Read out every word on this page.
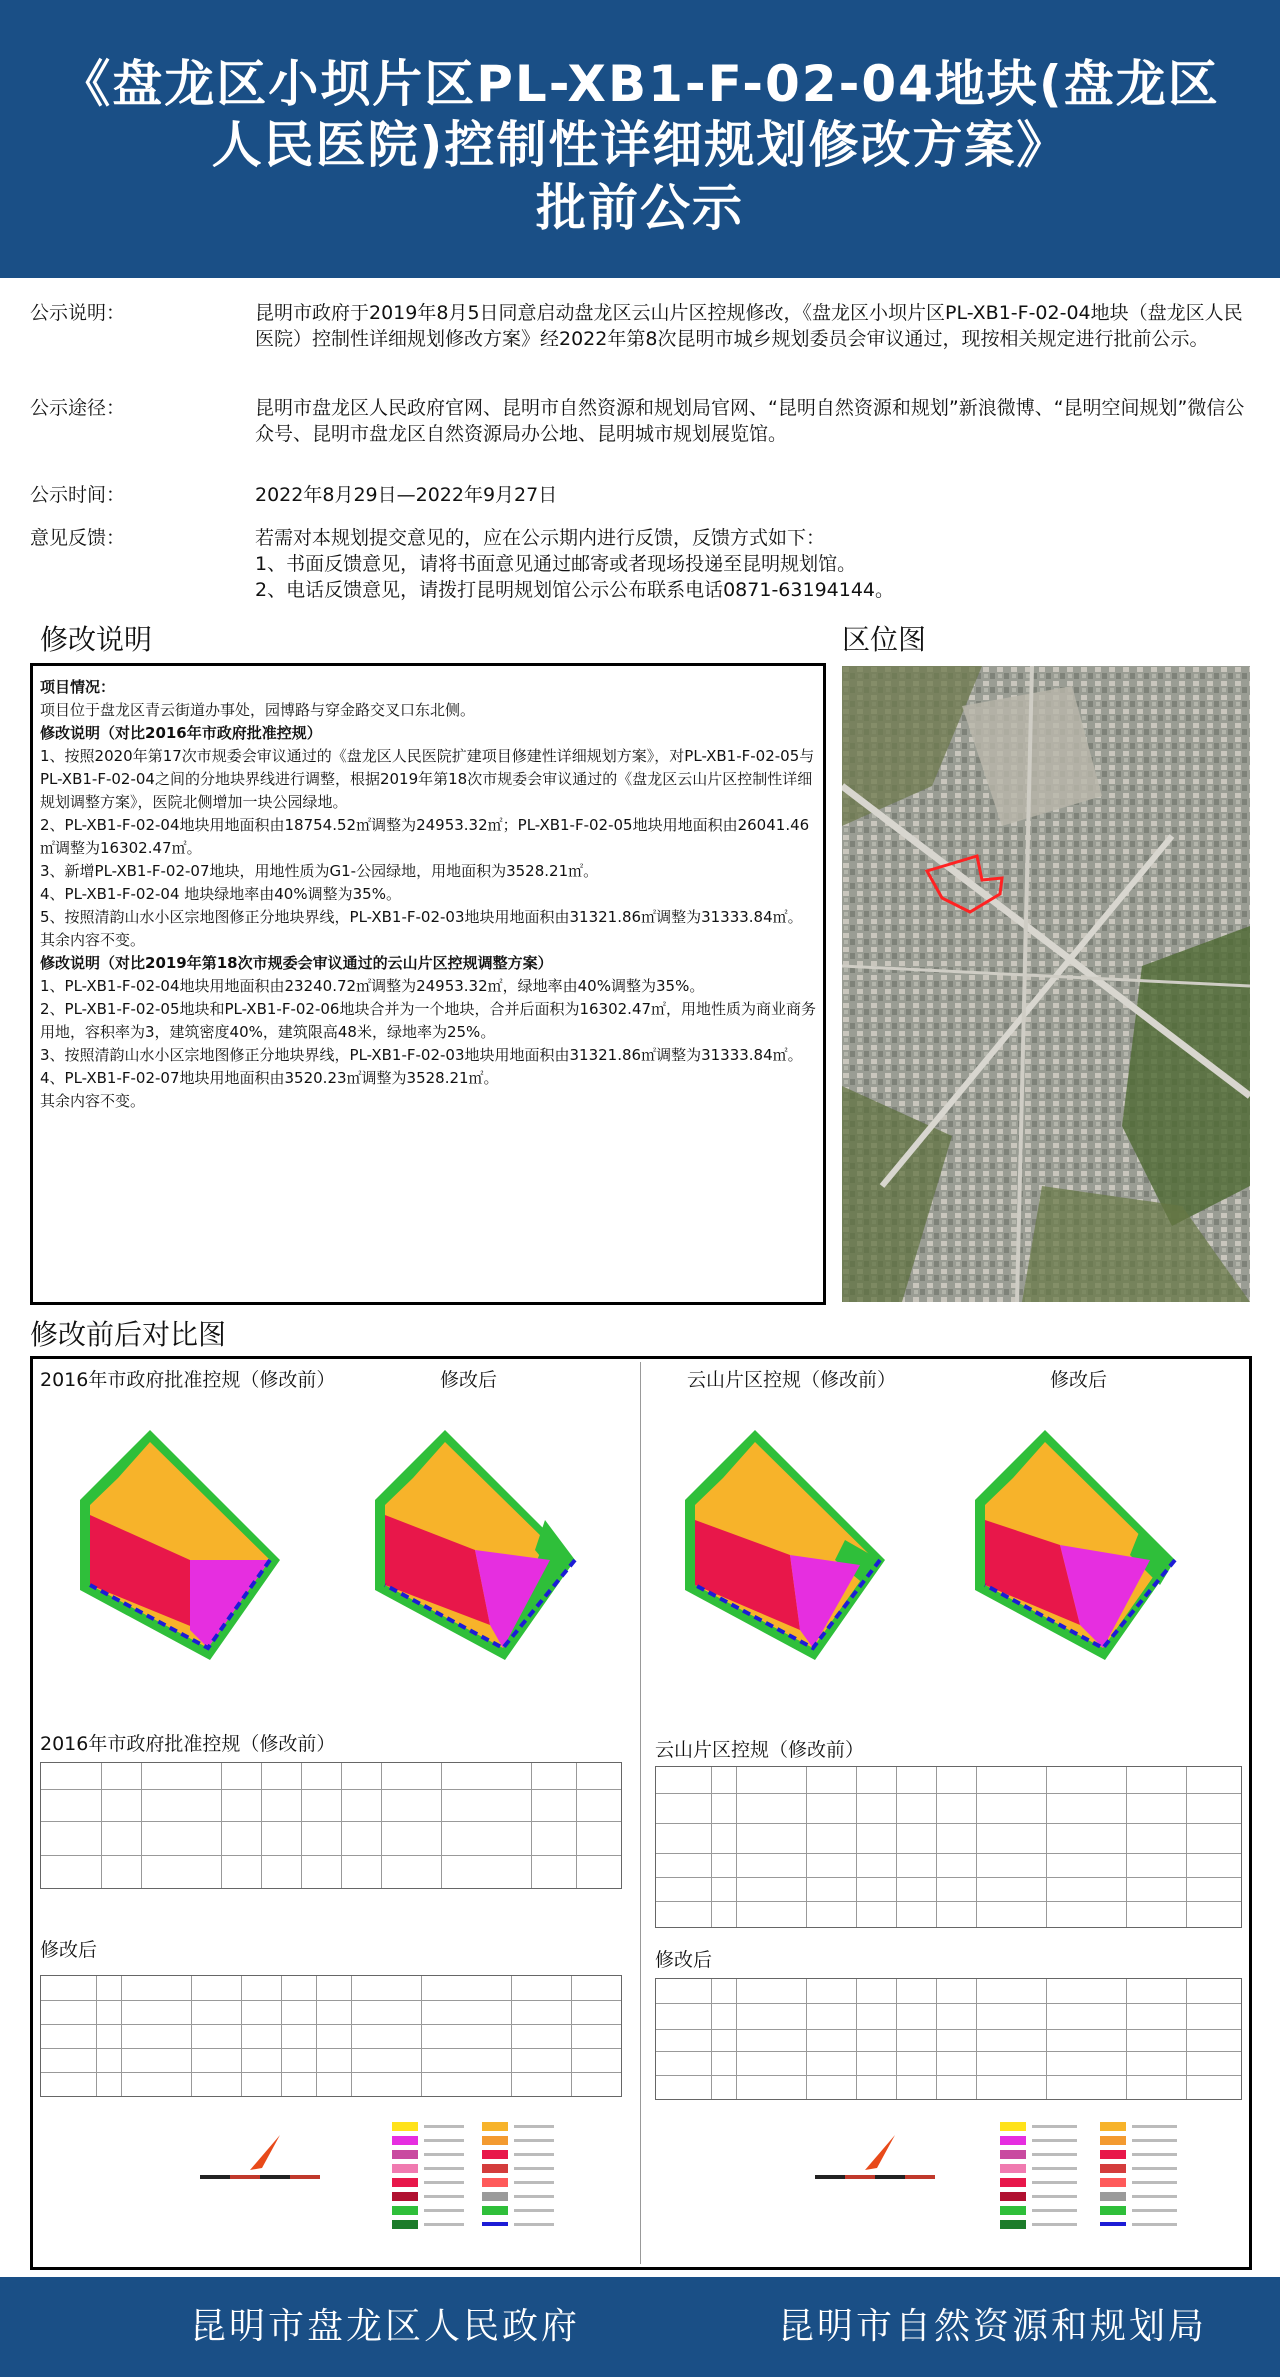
《盘龙区小坝片区PL-XB1-F-02-04地块(盘龙区
人民医院)控制性详细规划修改方案》
批前公示
公示说明：	昆明市政府于2019年8月5日同意启动盘龙区云山片区控规修改，《盘龙区小坝片区PL-XB1-F-02-04地块（盘龙区人民医院）控制性详细规划修改方案》经2022年第8次昆明市城乡规划委员会审议通过，现按相关规定进行批前公示。
公示途径：	昆明市盘龙区人民政府官网、昆明市自然资源和规划局官网、“昆明自然资源和规划”新浪微博、“昆明空间规划”微信公众号、昆明市盘龙区自然资源局办公地、昆明城市规划展览馆。
公示时间：	2022年8月29日—2022年9月27日
意见反馈：	若需对本规划提交意见的，应在公示期内进行反馈，反馈方式如下：
1、书面反馈意见，请将书面意见通过邮寄或者现场投递至昆明规划馆。
2、电话反馈意见，请拨打昆明规划馆公示公布联系电话0871-63194144。
修改说明

项目情况：

项目位于盘龙区青云街道办事处，园博路与穿金路交叉口东北侧。

修改说明（对比2016年市政府批准控规）

1、按照2020年第17次市规委会审议通过的《盘龙区人民医院扩建项目修建性详细规划方案》，对PL-XB1-F-02-05与PL-XB1-F-02-04之间的分地块界线进行调整，根据2019年第18次市规委会审议通过的《盘龙区云山片区控制性详细规划调整方案》，医院北侧增加一块公园绿地。

2、PL-XB1-F-02-04地块用地面积由18754.52㎡调整为24953.32㎡；PL-XB1-F-02-05地块用地面积由26041.46㎡调整为16302.47㎡。

3、新增PL-XB1-F-02-07地块，用地性质为G1-公园绿地，用地面积为3528.21㎡。

4、PL-XB1-F-02-04 地块绿地率由40%调整为35%。

5、按照清韵山水小区宗地图修正分地块界线，PL-XB1-F-02-03地块用地面积由31321.86㎡调整为31333.84㎡。

其余内容不变。

修改说明（对比2019年第18次市规委会审议通过的云山片区控规调整方案）

1、PL-XB1-F-02-04地块用地面积由23240.72㎡调整为24953.32㎡，绿地率由40%调整为35%。

2、PL-XB1-F-02-05地块和PL-XB1-F-02-06地块合并为一个地块，合并后面积为16302.47㎡，用地性质为商业商务用地，容积率为3，建筑密度40%，建筑限高48米，绿地率为25%。

3、按照清韵山水小区宗地图修正分地块界线，PL-XB1-F-02-03地块用地面积由31321.86㎡调整为31333.84㎡。

4、PL-XB1-F-02-07地块用地面积由3520.23㎡调整为3528.21㎡。

其余内容不变。

区位图
修改前后对比图
2016年市政府批准控规（修改前）	修改后	云山片区控规（修改前）	修改后
2016年市政府批准控规（修改前）
修改后
云山片区控规（修改前）
修改后
昆明市盘龙区人民政府	昆明市自然资源和规划局
